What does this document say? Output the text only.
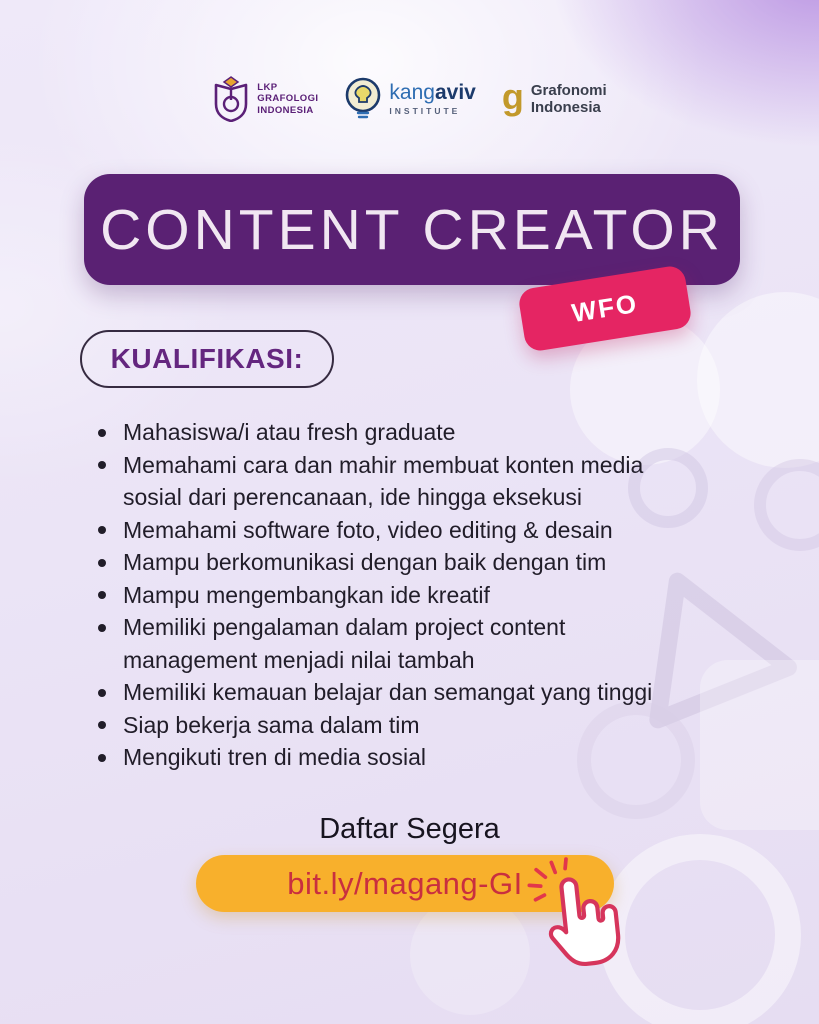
LKP
GRAFOLOGI
INDONESIA
kangaviv
INSTITUTE	g Grafonomi
Indonesia
CONTENT CREATOR
WFO
KUALIFIKASI:
Mahasiswa/i atau fresh graduate
Memahami cara dan mahir membuat konten media sosial dari perencanaan, ide hingga eksekusi
Memahami software foto, video editing & desain
Mampu berkomunikasi dengan baik dengan tim
Mampu mengembangkan ide kreatif
Memiliki pengalaman dalam project content management menjadi nilai tambah
Memiliki kemauan belajar dan semangat yang tinggi
Siap bekerja sama dalam tim
Mengikuti tren di media sosial
Daftar Segera
bit.ly/magang-GI
